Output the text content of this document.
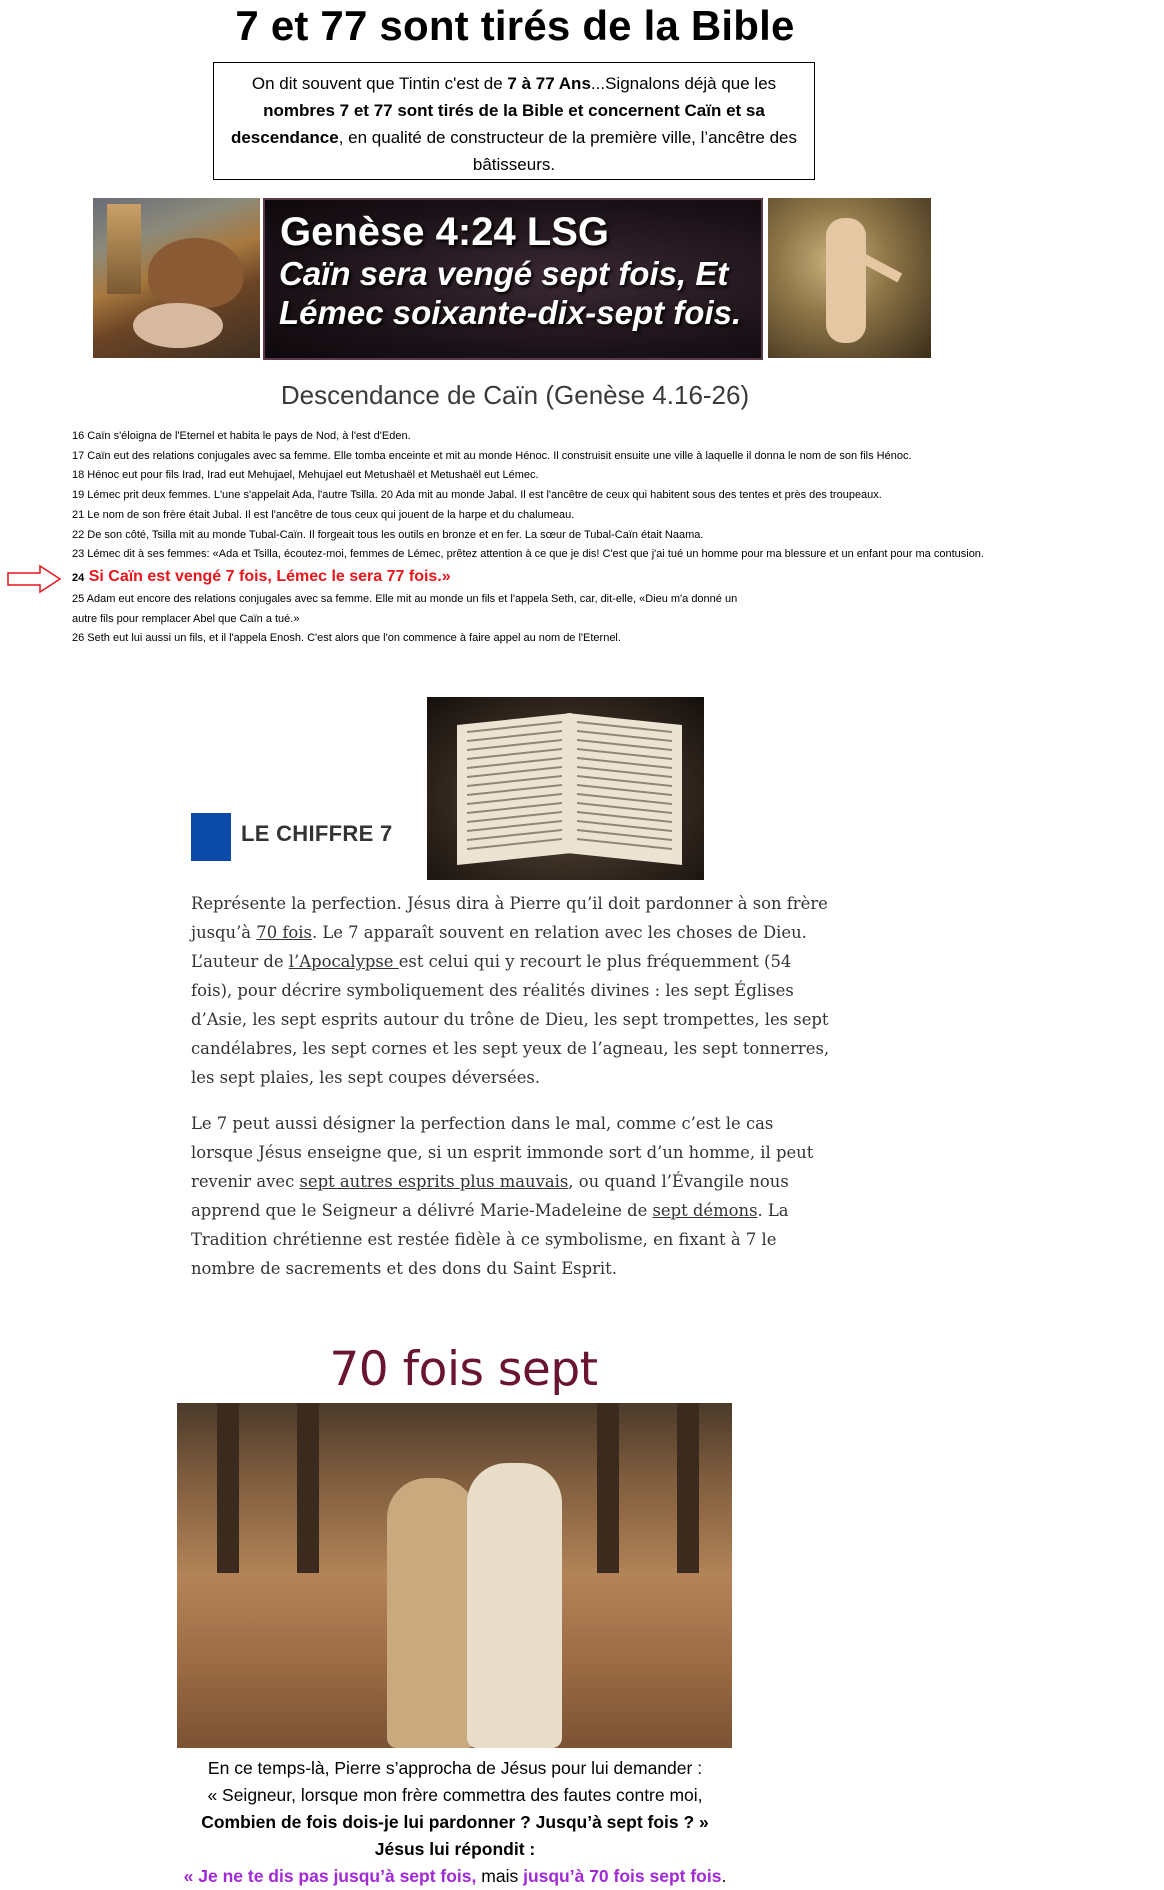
7 et 77 sont tirés de la Bible
On dit souvent que Tintin c'est de 7 à 77 Ans...Signalons déjà que les nombres 7 et 77 sont tirés de la Bible et concernent Caïn et sa descendance, en qualité de constructeur de la première ville, l’ancêtre des bâtisseurs.
Genèse 4:24 LSG
Caïn sera vengé sept fois, Et
Lémec soixante-dix-sept fois.
Descendance de Caïn (Genèse 4.16-26)
16 Caïn s'éloigna de l'Eternel et habita le pays de Nod, à l'est d'Eden.
17 Caïn eut des relations conjugales avec sa femme. Elle tomba enceinte et mit au monde Hénoc. Il construisit ensuite une ville à laquelle il donna le nom de son fils Hénoc.
18 Hénoc eut pour fils Irad, Irad eut Mehujael, Mehujael eut Metushaël et Metushaël eut Lémec.
19 Lémec prit deux femmes. L'une s'appelait Ada, l'autre Tsilla. 20 Ada mit au monde Jabal. Il est l'ancêtre de ceux qui habitent sous des tentes et près des troupeaux.
21 Le nom de son frère était Jubal. Il est l'ancêtre de tous ceux qui jouent de la harpe et du chalumeau.
22 De son côté, Tsilla mit au monde Tubal-Caïn. Il forgeait tous les outils en bronze et en fer. La sœur de Tubal-Caïn était Naama.
23 Lémec dit à ses femmes: «Ada et Tsilla, écoutez-moi, femmes de Lémec, prêtez attention à ce que je dis! C'est que j'ai tué un homme pour ma blessure et un enfant pour ma contusion.
24 Si Caïn est vengé 7 fois, Lémec le sera 77 fois.»
25 Adam eut encore des relations conjugales avec sa femme. Elle mit au monde un fils et l'appela Seth, car, dit-elle, «Dieu m'a donné un
autre fils pour remplacer Abel que Caïn a tué.»
26 Seth eut lui aussi un fils, et il l'appela Enosh. C'est alors que l'on commence à faire appel au nom de l'Eternel.
LE CHIFFRE 7
Représente la perfection. Jésus dira à Pierre qu’il doit pardonner à son frère jusqu’à 70 fois. Le 7 apparaît souvent en relation avec les choses de Dieu. L’auteur de l’Apocalypse est celui qui y recourt le plus fréquemment (54 fois), pour décrire symboliquement des réalités divines : les sept Églises d’Asie, les sept esprits autour du trône de Dieu, les sept trompettes, les sept candélabres, les sept cornes et les sept yeux de l’agneau, les sept tonnerres, les sept plaies, les sept coupes déversées.
Le 7 peut aussi désigner la perfection dans le mal, comme c’est le cas lorsque Jésus enseigne que, si un esprit immonde sort d’un homme, il peut revenir avec sept autres esprits plus mauvais, ou quand l’Évangile nous apprend que le Seigneur a délivré Marie-Madeleine de sept démons. La Tradition chrétienne est restée fidèle à ce symbolisme, en fixant à 7 le nombre de sacrements et des dons du Saint Esprit.
70 fois sept
En ce temps-là, Pierre s’approcha de Jésus pour lui demander :
« Seigneur, lorsque mon frère commettra des fautes contre moi,
Combien de fois dois-je lui pardonner ? Jusqu’à sept fois ? »
Jésus lui répondit :
« Je ne te dis pas jusqu’à sept fois, mais jusqu’à 70 fois sept fois.
